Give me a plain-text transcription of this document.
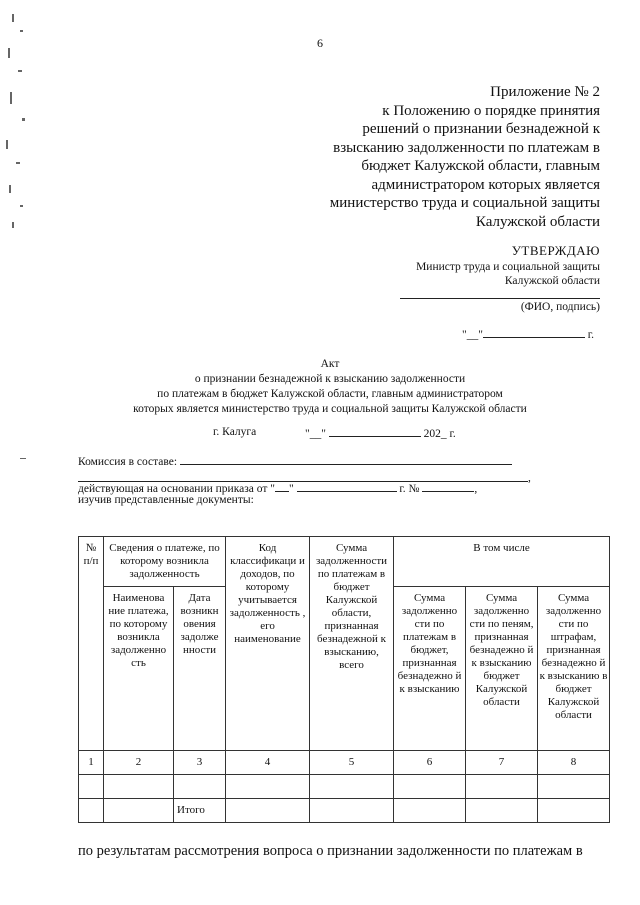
6
Приложение № 2
к Положению о порядке принятия
решений о признании безнадежной к
взысканию задолженности по платежам в
бюджет Калужской области, главным
администратором которых является
министерство труда и социальной защиты
Калужской области
УТВЕРЖДАЮ
Министр труда и социальной защиты
Калужской области
(ФИО, подпись)
"__"	г.
Акт
о признании безнадежной к взысканию задолженности
по платежам в бюджет Калужской области, главным администратором
которых является министерство труда и социальной защиты Калужской области
г. Калуга	"__"	202_ г.
Комиссия в составе:
,
действующая на основании приказа от " "	г. №	,
изучив представленные документы:
№ п/п	Сведения о платеже, по которому возникла задолженность		Код классификаци и доходов, по которому учитывается задолженность , его наименование	Сумма задолженности по платежам в бюджет Калужской области, признанная безнадежной к взысканию, всего	В том числе		
	Наименова ние платежа, по которому возникла задолженно сть	Дата возникн овения задолже нности			Сумма задолженно сти по платежам в бюджет, признанная безнадежно й к взысканию	Сумма задолженно сти по пеням, признанная безнадежно й к взысканию бюджет Калужской области	Сумма задолженно сти по штрафам, признанная безнадежно й к взысканию в бюджет Калужской области
1	2	3	4	5	6	7	8

		Итого					
по результатам рассмотрения вопроса о признании задолженности по платежам в
